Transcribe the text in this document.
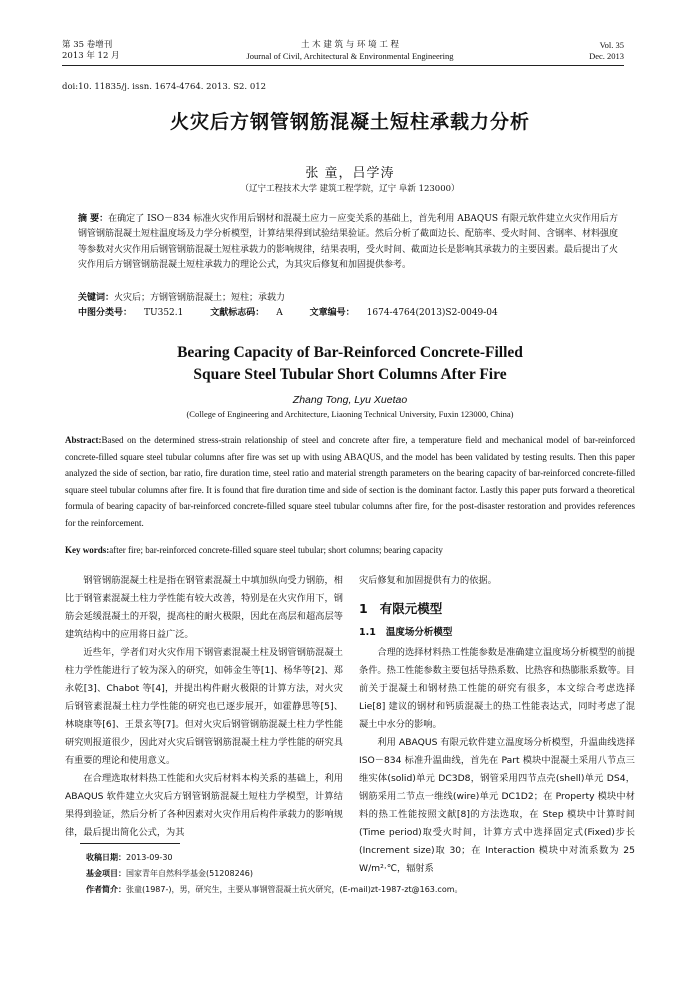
第 35 卷增刊
2013 年 12 月
土 木 建 筑 与 环 境 工 程
Journal of Civil, Architectural & Environmental Engineering
Vol. 35
Dec. 2013
doi:10. 11835/j. issn. 1674-4764. 2013. S2. 012
火灾后方钢管钢筋混凝土短柱承载力分析
张 童，吕学涛
（辽宁工程技术大学 建筑工程学院，辽宁 阜新 123000）
摘 要：在确定了 ISO－834 标准火灾作用后钢材和混凝土应力－应变关系的基础上，首先利用 ABAQUS 有限元软件建立火灾作用后方钢管钢筋混凝土短柱温度场及力学分析模型，计算结果得到试验结果验证。然后分析了截面边长、配筋率、受火时间、含钢率、材料强度等参数对火灾作用后钢管钢筋混凝土短柱承载力的影响规律，结果表明，受火时间、截面边长是影响其承载力的主要因素。最后提出了火灾作用后方钢管钢筋混凝土短柱承载力的理论公式，为其灾后修复和加固提供参考。
关键词：火灾后；方钢管钢筋混凝土；短柱；承载力
中图分类号： TU352.1	文献标志码： A	文章编号： 1674-4764(2013)S2-0049-04
Bearing Capacity of Bar-Reinforced Concrete-Filled
Square Steel Tubular Short Columns After Fire
Zhang Tong, Lyu Xuetao
(College of Engineering and Architecture, Liaoning Technical University, Fuxin 123000, China)
Abstract:Based on the determined stress-strain relationship of steel and concrete after fire, a temperature field and mechanical model of bar-reinforced concrete-filled square steel tubular columns after fire was set up with using ABAQUS, and the model has been validated by testing results. Then this paper analyzed the side of section, bar ratio, fire duration time, steel ratio and material strength parameters on the bearing capacity of bar-reinforced concrete-filled square steel tubular columns after fire. It is found that fire duration time and side of section is the dominant factor. Lastly this paper puts forward a theoretical formula of bearing capacity of bar-reinforced concrete-filled square steel tubular columns after fire, for the post-disaster restoration and provides references for the reinforcement.
Key words:after fire; bar-reinforced concrete-filled square steel tubular; short columns; bearing capacity

钢管钢筋混凝土柱是指在钢管素混凝土中填加纵向受力钢筋，相比于钢管素混凝土柱力学性能有较大改善，特别是在火灾作用下，钢筋会延缓混凝土的开裂，提高柱的耐火极限，因此在高层和超高层等建筑结构中的应用将日益广泛。

近些年，学者们对火灾作用下钢管素混凝土柱及钢管钢筋混凝土柱力学性能进行了较为深入的研究，如韩金生等[1]、杨华等[2]、郑永乾[3]、Chabot 等[4]，并提出构件耐火极限的计算方法，对火灾后钢管素混凝土柱力学性能的研究也已逐步展开，如霍静思等[5]、林晓康等[6]、王景玄等[7]。但对火灾后钢管钢筋混凝土柱力学性能研究则报道很少，因此对火灾后钢管钢筋混凝土柱力学性能的研究具有重要的理论和使用意义。

在合理选取材料热工性能和火灾后材料本构关系的基础上，利用 ABAQUS 软件建立火灾后方钢管钢筋混凝土短柱力学模型，计算结果得到验证，然后分析了各种因素对火灾作用后构件承载力的影响规律，最后提出简化公式，为其

灾后修复和加固提供有力的依据。

1 有限元模型
1.1 温度场分析模型

合理的选择材料热工性能参数是准确建立温度场分析模型的前提条件。热工性能参数主要包括导热系数、比热容和热膨胀系数等。目前关于混凝土和钢材热工性能的研究有很多，本文综合考虑选择 Lie[8] 建议的钢材和钙质混凝土的热工性能表达式，同时考虑了混凝土中水分的影响。

利用 ABAQUS 有限元软件建立温度场分析模型，升温曲线选择 ISO－834 标准升温曲线，首先在 Part 模块中混凝土采用八节点三维实体(solid)单元 DC3D8，钢管采用四节点壳(shell)单元 DS4，钢筋采用二节点一维线(wire)单元 DC1D2；在 Property 模块中材料的热工性能按照文献[8]的方法选取，在 Step 模块中计算时间(Time period)取受火时间，计算方式中选择固定式(Fixed)步长(Increment size)取 30；在 Interaction 模块中对流系数为 25 W/m²·℃，辐射系

收稿日期：2013-09-30
基金项目：国家青年自然科学基金(51208246)
作者简介：张童(1987-)，男，研究生，主要从事钢管混凝土抗火研究，(E-mail)zt-1987-zt@163.com。
